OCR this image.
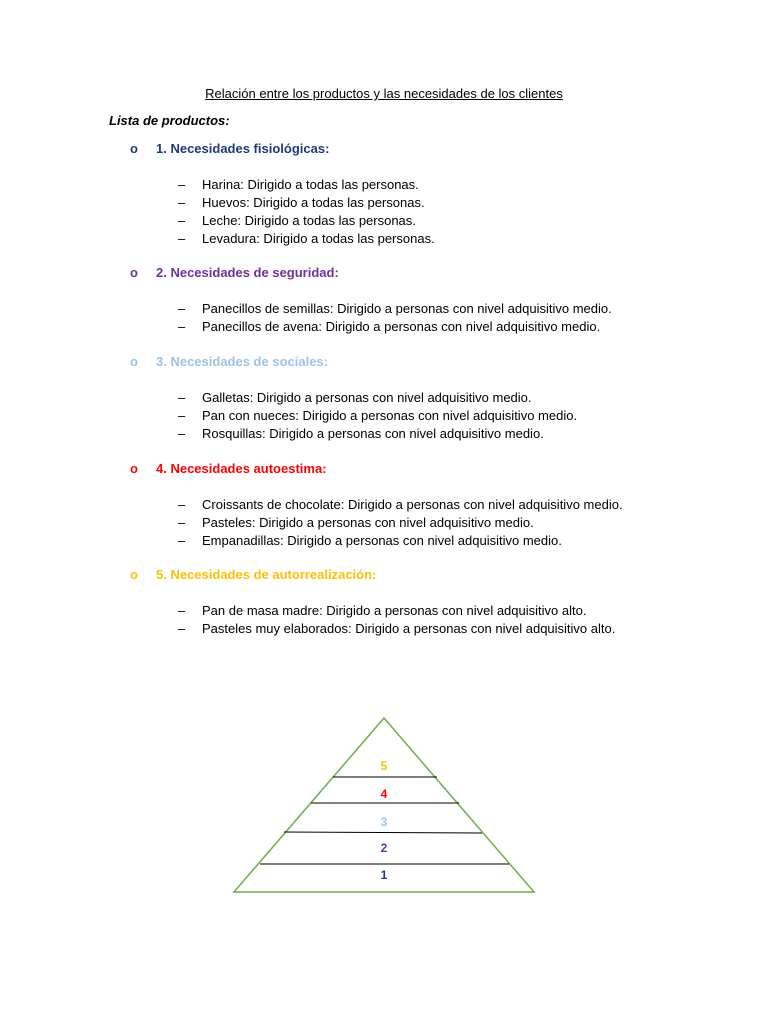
Relación entre los productos y las necesidades de los clientes
Lista de productos:
o 1. Necesidades fisiológicas:
– Harina: Dirigido a todas las personas.
– Huevos: Dirigido a todas las personas.
– Leche: Dirigido a todas las personas.
– Levadura: Dirigido a todas las personas.
o 2. Necesidades de seguridad:
– Panecillos de semillas: Dirigido a personas con nivel adquisitivo medio.
– Panecillos de avena: Dirigido a personas con nivel adquisitivo medio.
o 3. Necesidades de sociales:
– Galletas: Dirigido a personas con nivel adquisitivo medio.
– Pan con nueces: Dirigido a personas con nivel adquisitivo medio.
– Rosquillas: Dirigido a personas con nivel adquisitivo medio.
o 4. Necesidades autoestima:
– Croissants de chocolate: Dirigido a personas con nivel adquisitivo medio.
– Pasteles: Dirigido a personas con nivel adquisitivo medio.
– Empanadillas: Dirigido a personas con nivel adquisitivo medio.
o 5. Necesidades de autorrealización:
– Pan de masa madre: Dirigido a personas con nivel adquisitivo alto.
– Pasteles muy elaborados: Dirigido a personas con nivel adquisitivo alto.
1
2
3
4
5
